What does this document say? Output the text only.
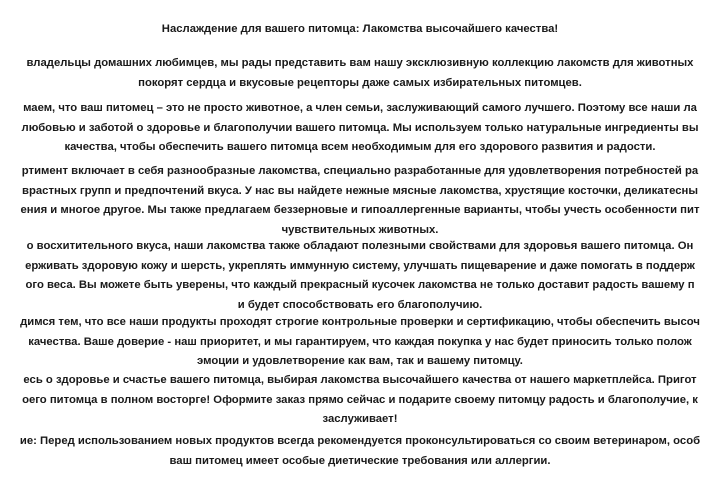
Наслаждение для вашего питомца: Лакомства высочайшего качества!

владельцы домашних любимцев, мы рады представить вам нашу эксклюзивную коллекцию лакомств для животных
покорят сердца и вкусовые рецепторы даже самых избирательных питомцев.

маем, что ваш питомец – это не просто животное, а член семьи, заслуживающий самого лучшего. Поэтому все наши ла
любовью и заботой о здоровье и благополучии вашего питомца. Мы используем только натуральные ингредиенты вы
качества, чтобы обеспечить вашего питомца всем необходимым для его здорового развития и радости.

ртимент включает в себя разнообразные лакомства, специально разработанные для удовлетворения потребностей ра
врастных групп и предпочтений вкуса. У нас вы найдете нежные мясные лакомства, хрустящие косточки, деликатесны
ения и многое другое. Мы также предлагаем беззерновые и гипоаллергенные варианты, чтобы учесть особенности пит
чувствительных животных.

о восхитительного вкуса, наши лакомства также обладают полезными свойствами для здоровья вашего питомца. Он
ерживать здоровую кожу и шерсть, укреплять иммунную систему, улучшать пищеварение и даже помогать в поддерж
ого веса. Вы можете быть уверены, что каждый прекрасный кусочек лакомства не только доставит радость вашему п
и будет способствовать его благополучию.

димся тем, что все наши продукты проходят строгие контрольные проверки и сертификацию, чтобы обеспечить высоч
качества. Ваше доверие - наш приоритет, и мы гарантируем, что каждая покупка у нас будет приносить только полож
эмоции и удовлетворение как вам, так и вашему питомцу.

есь о здоровье и счастье вашего питомца, выбирая лакомства высочайшего качества от нашего маркетплейса. Пригот
оего питомца в полном восторге! Оформите заказ прямо сейчас и подарите своему питомцу радость и благополучие, к
заслуживает!

ие: Перед использованием новых продуктов всегда рекомендуется проконсультироваться со своим ветеринаром, особ
ваш питомец имеет особые диетические требования или аллергии.
